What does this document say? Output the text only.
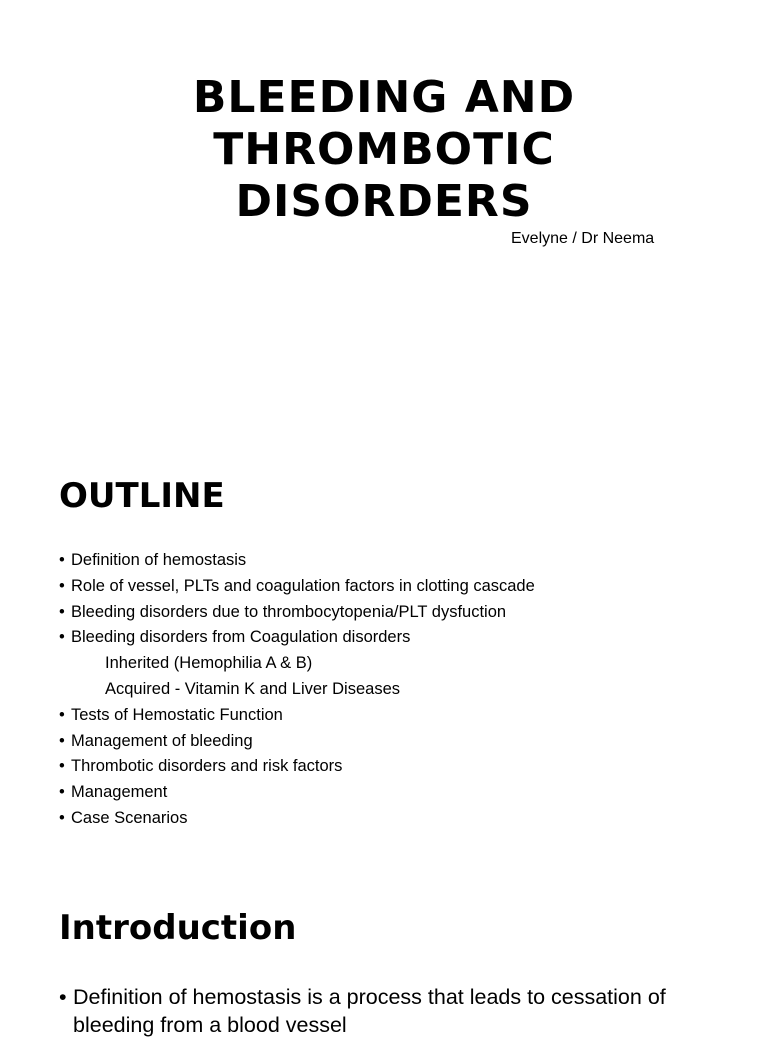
BLEEDING AND
THROMBOTIC
DISORDERS

Evelyne / Dr Neema

OUTLINE
• Definition of hemostasis
• Role of vessel, PLTs and coagulation factors in clotting cascade
• Bleeding disorders due to thrombocytopenia/PLT dysfuction
• Bleeding disorders from Coagulation disorders
Inherited (Hemophilia A & B)
Acquired - Vitamin K and Liver Diseases
• Tests of Hemostatic Function
• Management of bleeding
• Thrombotic disorders and risk factors
• Management
• Case Scenarios
Introduction
• Definition of hemostasis is a process that leads to cessation of bleeding from a blood vessel
